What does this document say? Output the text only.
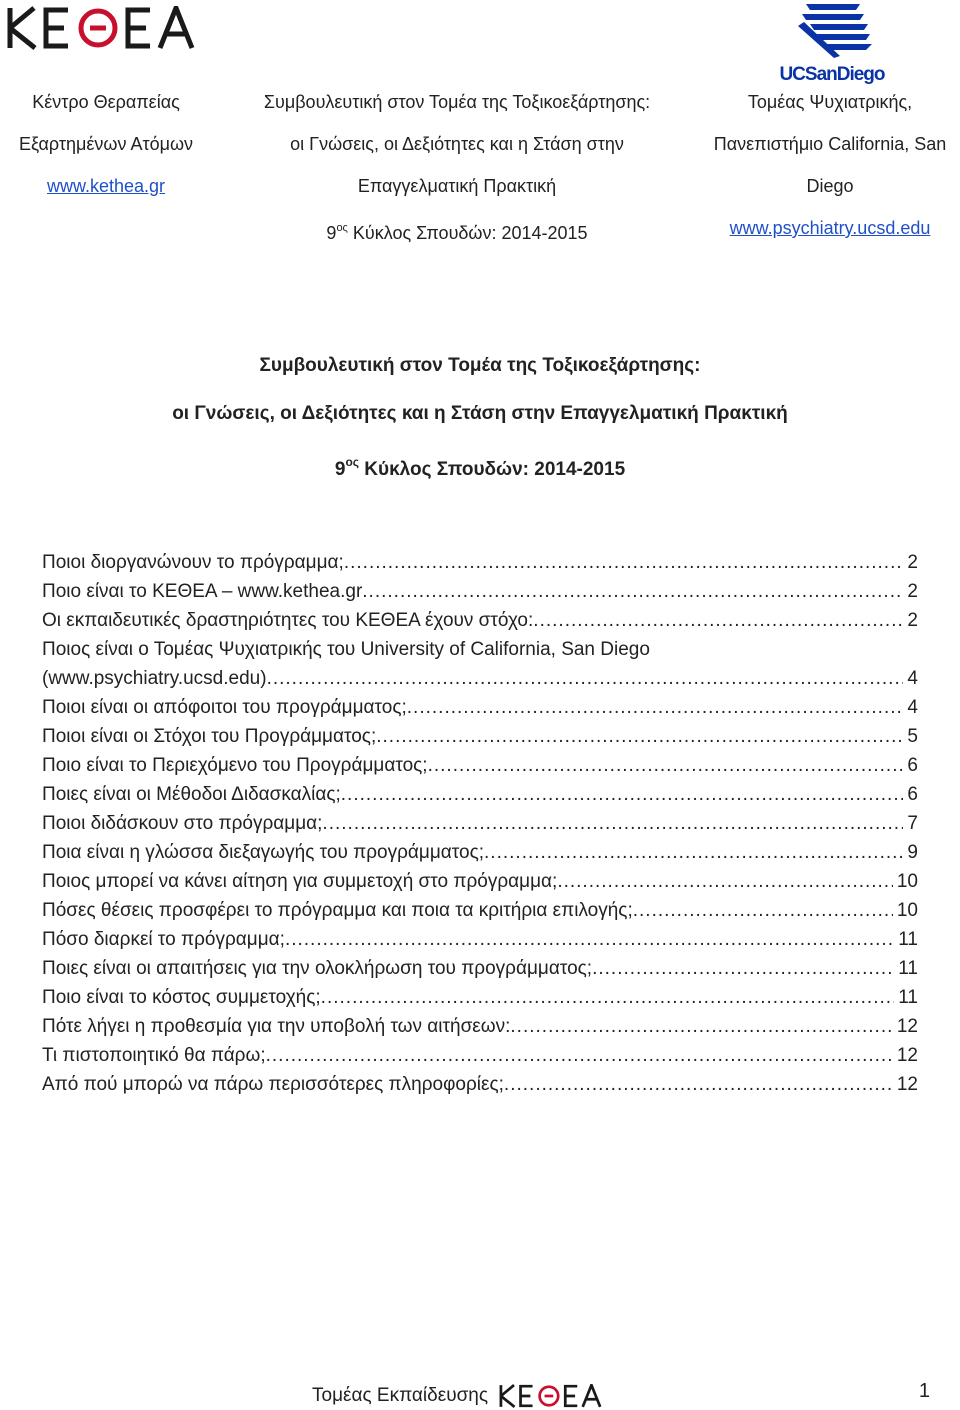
UCSanDiego
Κέντρο Θεραπείας
Εξαρτημένων Ατόμων
www.kethea.gr
Συμβουλευτική στον Τομέα της Τοξικοεξάρτησης:
οι Γνώσεις, οι Δεξιότητες και η Στάση στην
Επαγγελματική Πρακτική
$9^{o\varsigma}$ Κύκλος Σπουδών: 2014-2015
Τομέας Ψυχιατρικής,
Πανεπιστήμιο California, San
Diego
www.psychiatry.ucsd.edu
Συμβουλευτική στον Τομέα της Τοξικοεξάρτησης:
οι Γνώσεις, οι Δεξιότητες και η Στάση στην Επαγγελματική Πρακτική
$9^{o\varsigma}$ Κύκλος Σπουδών: 2014-2015
Ποιοι διοργανώνουν το πρόγραμμα; .....	2
Ποιο είναι το ΚΕΘΕΑ – www.kethea.gr .....	2
Οι εκπαιδευτικές δραστηριότητες του ΚΕΘΕΑ έχουν στόχο: .....	2
Ποιος είναι ο Τομέας Ψυχιατρικής του University of California, San Diego
(www.psychiatry.ucsd.edu) .....	4
Ποιοι είναι οι απόφοιτοι του προγράμματος; .....	4
Ποιοι είναι οι Στόχοι του Προγράμματος; .....	5
Ποιο είναι το Περιεχόμενο του Προγράμματος; .....	6
Ποιες είναι οι Μέθοδοι Διδασκαλίας; .....	6
Ποιοι διδάσκουν στο πρόγραμμα; .....	7
Ποια είναι η γλώσσα διεξαγωγής του προγράμματος; .....	9
Ποιος μπορεί να κάνει αίτηση για συμμετοχή στο πρόγραμμα; .....	10
Πόσες θέσεις προσφέρει το πρόγραμμα και ποια τα κριτήρια επιλογής; .....	10
Πόσο διαρκεί το πρόγραμμα; .....	11
Ποιες είναι οι απαιτήσεις για την ολοκλήρωση του προγράμματος; .....	11
Ποιο είναι το κόστος συμμετοχής; .....	11
Πότε λήγει η προθεσμία για την υποβολή των αιτήσεων: .....	12
Τι πιστοποιητικό θα πάρω; .....	12
Από πού μπορώ να πάρω περισσότερες πληροφορίες; .....	12
Τομέας Εκπαίδευσης	1
